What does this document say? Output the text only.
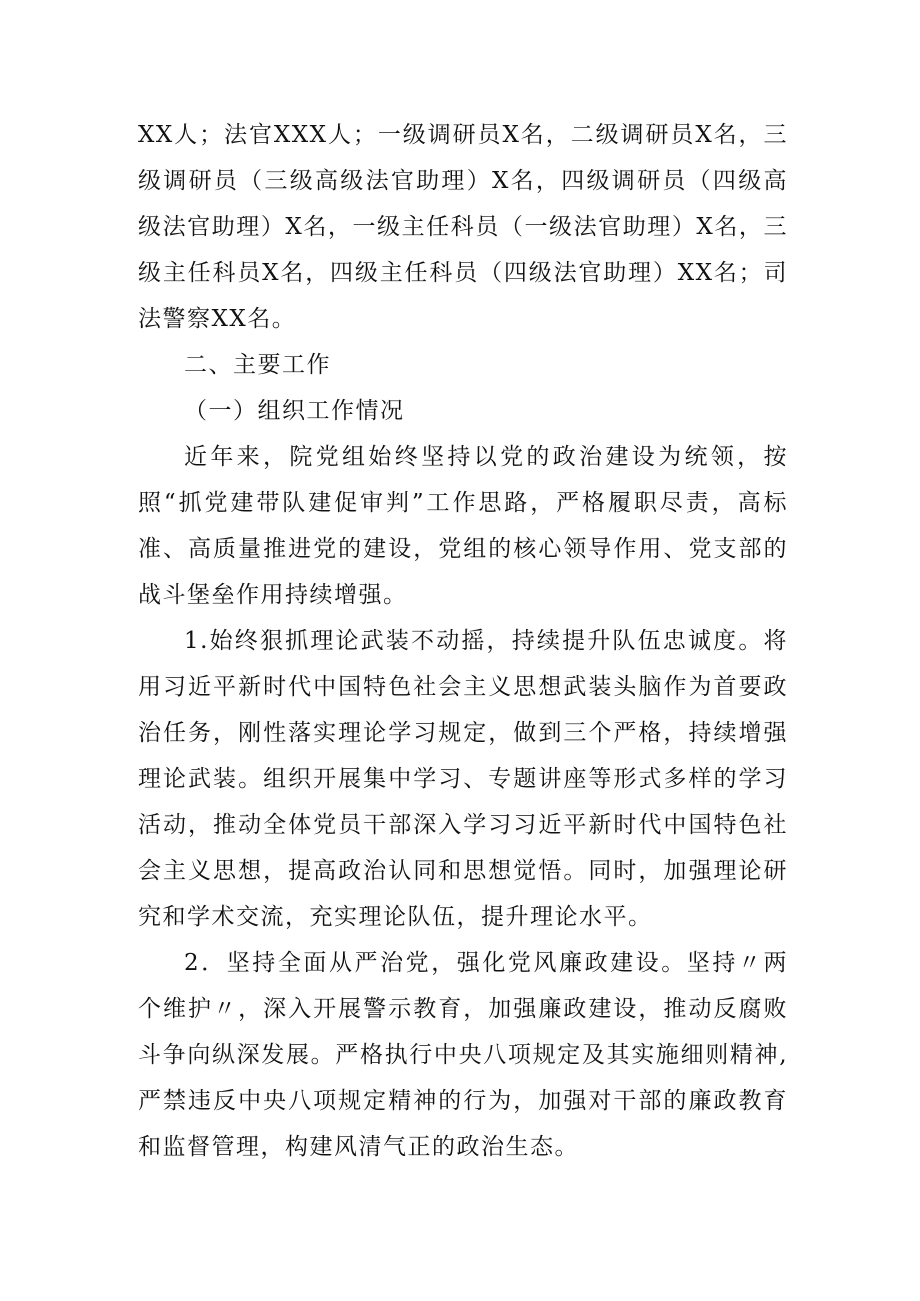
XX人；法官XXX人；一级调研员X名，二级调研员X名，三级调研员（三级高级法官助理）X名，四级调研员（四级高级法官助理）X名，一级主任科员（一级法官助理）X名，三级主任科员X名，四级主任科员（四级法官助理）XX名；司法警察XX名。

二、主要工作

（一）组织工作情况

近年来，院党组始终坚持以党的政治建设为统领，按照“抓党建带队建促审判”工作思路，严格履职尽责，高标准、高质量推进党的建设，党组的核心领导作用、党支部的战斗堡垒作用持续增强。

1.始终狠抓理论武装不动摇，持续提升队伍忠诚度。将用习近平新时代中国特色社会主义思想武装头脑作为首要政治任务，刚性落实理论学习规定，做到三个严格，持续增强理论武装。组织开展集中学习、专题讲座等形式多样的学习活动，推动全体党员干部深入学习习近平新时代中国特色社会主义思想，提高政治认同和思想觉悟。同时，加强理论研究和学术交流，充实理论队伍，提升理论水平。

2．坚持全面从严治党，强化党风廉政建设。坚持〃两个维护〃，深入开展警示教育，加强廉政建设，推动反腐败斗争向纵深发展。严格执行中央八项规定及其实施细则精神,严禁违反中央八项规定精神的行为，加强对干部的廉政教育和监督管理，构建风清气正的政治生态。
